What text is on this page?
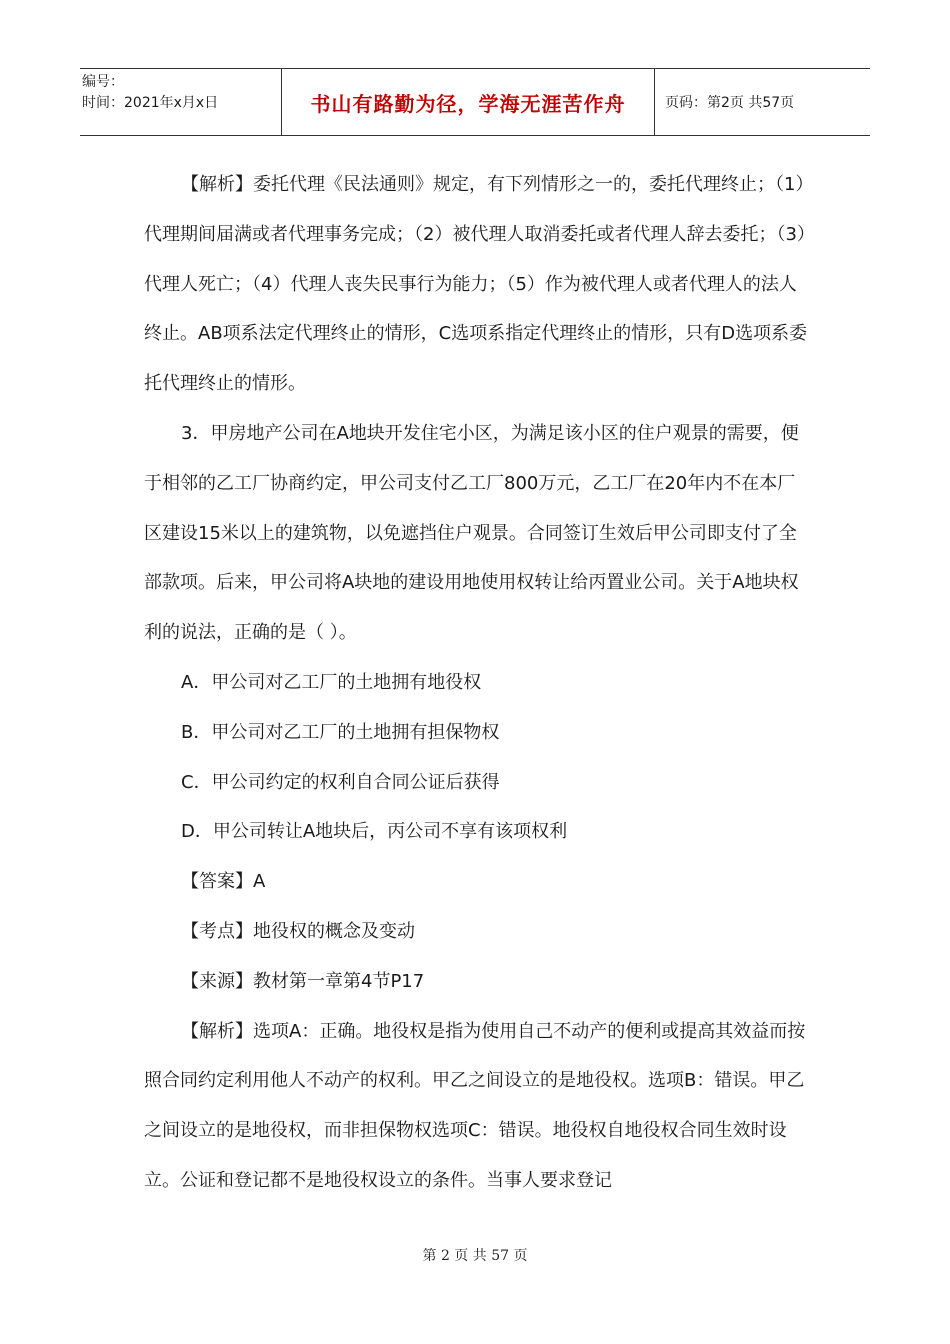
编号：
时间：2021年x月x日	书山有路勤为径，学海无涯苦作舟	页码：第2页 共57页

【解析】委托代理《民法通则》规定，有下列情形之一的，委托代理终止；（1）代理期间届满或者代理事务完成；（2）被代理人取消委托或者代理人辞去委托；（3）代理人死亡；（4）代理人丧失民事行为能力；（5）作为被代理人或者代理人的法人终止。AB项系法定代理终止的情形，C选项系指定代理终止的情形，只有D选项系委托代理终止的情形。

3．甲房地产公司在A地块开发住宅小区，为满足该小区的住户观景的需要，便于相邻的乙工厂协商约定，甲公司支付乙工厂800万元，乙工厂在20年内不在本厂区建设15米以上的建筑物，以免遮挡住户观景。合同签订生效后甲公司即支付了全部款项。后来，甲公司将A块地的建设用地使用权转让给丙置业公司。关于A地块权利的说法，正确的是（ ）。

A．甲公司对乙工厂的土地拥有地役权

B．甲公司对乙工厂的土地拥有担保物权

C．甲公司约定的权利自合同公证后获得

D．甲公司转让A地块后，丙公司不享有该项权利

【答案】A

【考点】地役权的概念及变动

【来源】教材第一章第4节P17

【解析】选项A：正确。地役权是指为使用自己不动产的便利或提高其效益而按照合同约定利用他人不动产的权利。甲乙之间设立的是地役权。选项B：错误。甲乙之间设立的是地役权，而非担保物权选项C：错误。地役权自地役权合同生效时设立。公证和登记都不是地役权设立的条件。当事人要求登记

第 2 页 共 57 页
